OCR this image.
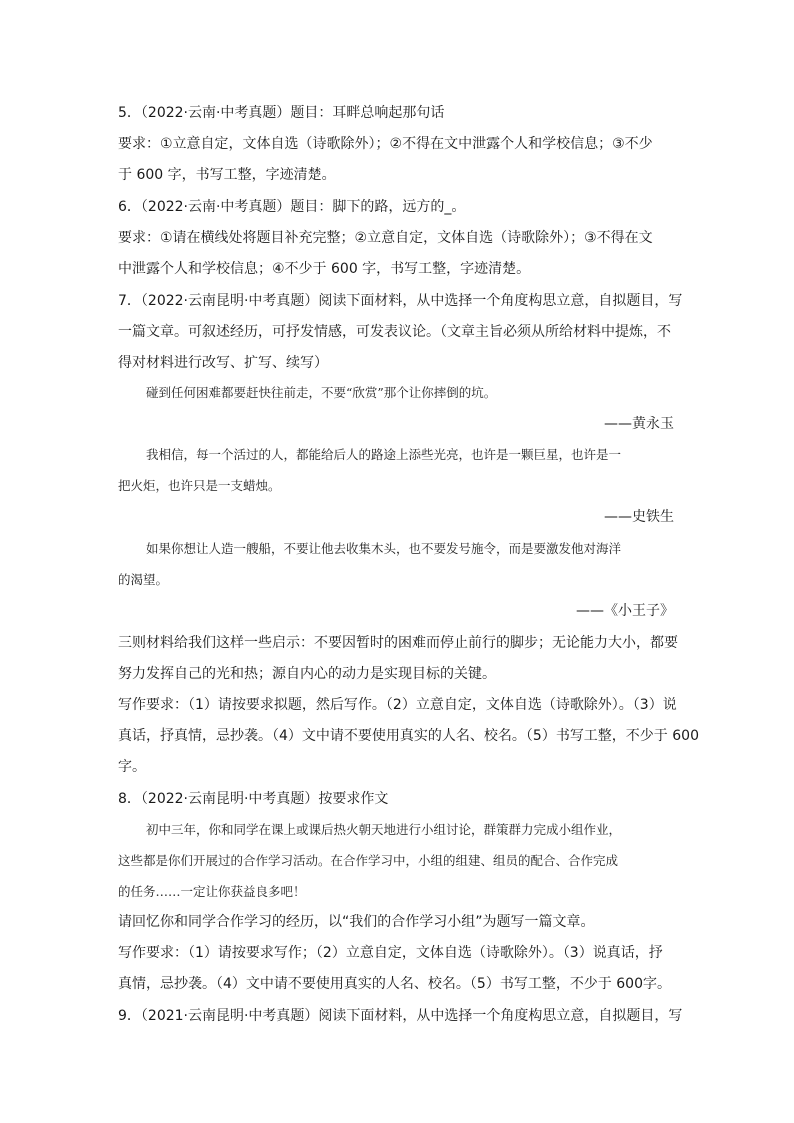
5．（2022·云南·中考真题）题目：耳畔总响起那句话
要求：①立意自定，文体自选（诗歌除外）；②不得在文中泄露个人和学校信息；③不少
于 600 字，书写工整，字迹清楚。
6．（2022·云南·中考真题）题目：脚下的路，远方的_。
要求：①请在横线处将题目补充完整；②立意自定，文体自选（诗歌除外）；③不得在文
中泄露个人和学校信息；④不少于 600 字，书写工整，字迹清楚。
7．（2022·云南昆明·中考真题）阅读下面材料，从中选择一个角度构思立意，自拟题目，写
一篇文章。可叙述经历，可抒发情感，可发表议论。（文章主旨必须从所给材料中提炼，不
得对材料进行改写、扩写、续写）
碰到任何困难都要赶快往前走，不要“欣赏”那个让你摔倒的坑。
——黄永玉
我相信，每一个活过的人，都能给后人的路途上添些光亮，也许是一颗巨星，也许是一
把火炬，也许只是一支蜡烛。
——史铁生
如果你想让人造一艘船，不要让他去收集木头，也不要发号施令，而是要激发他对海洋
的渴望。
——《小王子》
三则材料给我们这样一些启示：不要因暂时的困难而停止前行的脚步；无论能力大小，都要
努力发挥自己的光和热；源自内心的动力是实现目标的关键。
写作要求：（1）请按要求拟题，然后写作。（2）立意自定，文体自选（诗歌除外）。（3）说
真话，抒真情，忌抄袭。（4）文中请不要使用真实的人名、校名。（5）书写工整，不少于 600
字。
8．（2022·云南昆明·中考真题）按要求作文
初中三年，你和同学在课上或课后热火朝天地进行小组讨论，群策群力完成小组作业，
这些都是你们开展过的合作学习活动。在合作学习中，小组的组建、组员的配合、合作完成
的任务……一定让你获益良多吧！
请回忆你和同学合作学习的经历，以“我们的合作学习小组”为题写一篇文章。
写作要求：（1）请按要求写作；（2）立意自定，文体自选（诗歌除外）。（3）说真话，抒
真情，忌抄袭。（4）文中请不要使用真实的人名、校名。（5）书写工整，不少于 600字。
9．（2021·云南昆明·中考真题）阅读下面材料，从中选择一个角度构思立意，自拟题目，写
